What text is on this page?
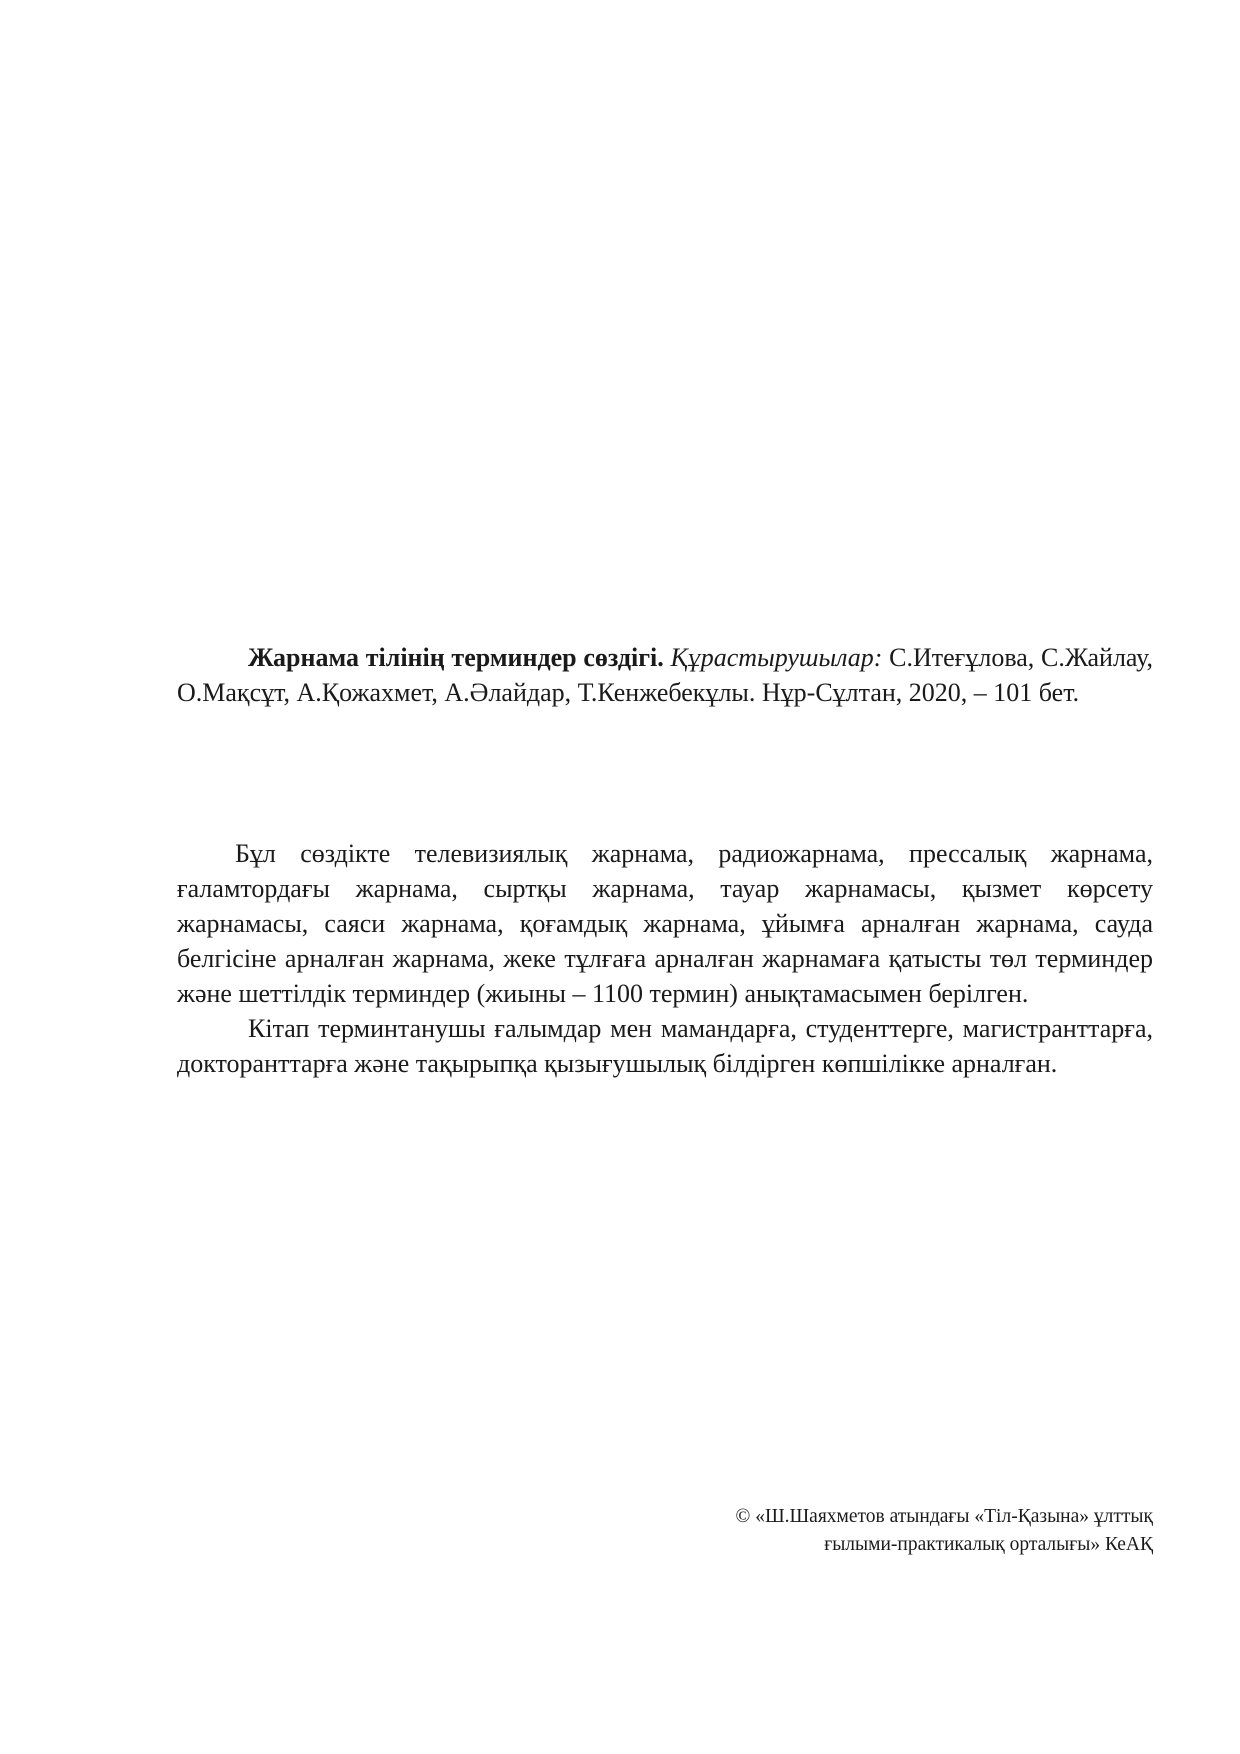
Жарнама тілінің терминдер сөздігі. Құрастырушылар: С.Итеғұлова, С.Жайлау, О.Мақсұт, А.Қожахмет, А.Әлайдар, Т.Кенжебекұлы. Нұр-Сұлтан, 2020, – 101 бет.

Бұл сөздікте телевизиялық жарнама, радиожарнама, прессалық жарнама, ғаламтордағы жарнама, сыртқы жарнама, тауар жарнамасы, қызмет көрсету жарнамасы, саяси жарнама, қоғамдық жарнама, ұйымға арналған жарнама, сауда белгісіне арналған жарнама, жеке тұлғаға арналған жарнамаға қатысты төл терминдер және шеттілдік терминдер (жиыны – 1100 термин) анықтамасымен берілген.

Кітап терминтанушы ғалымдар мен мамандарға, студенттерге, магистранттарға, докторанттарға және тақырыпқа қызығушылық білдірген көпшілікке арналған.

© «Ш.Шаяхметов атындағы «Тіл-Қазына» ұлттық
ғылыми-практикалық орталығы» КеАҚ
